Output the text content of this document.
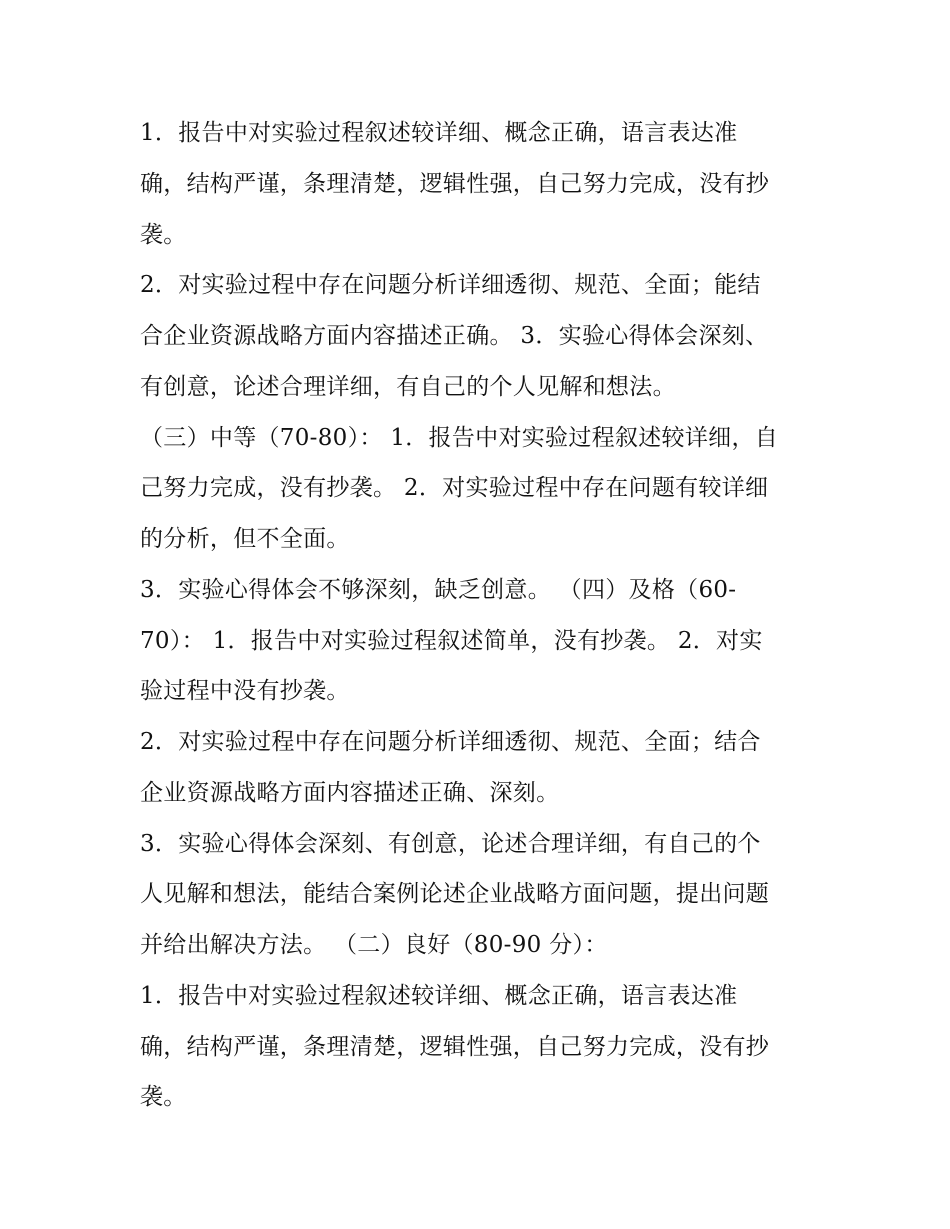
1．报告中对实验过程叙述较详细、概念正确，语言表达准
确，结构严谨，条理清楚，逻辑性强，自己努力完成，没有抄
袭。
2．对实验过程中存在问题分析详细透彻、规范、全面；能结
合企业资源战略方面内容描述正确。 3．实验心得体会深刻、
有创意，论述合理详细，有自己的个人见解和想法。
（三）中等（70-80）： 1．报告中对实验过程叙述较详细，自
己努力完成，没有抄袭。 2．对实验过程中存在问题有较详细
的分析，但不全面。
3．实验心得体会不够深刻，缺乏创意。 （四）及格（60-
70）： 1．报告中对实验过程叙述简单，没有抄袭。 2．对实
验过程中没有抄袭。
2．对实验过程中存在问题分析详细透彻、规范、全面；结合
企业资源战略方面内容描述正确、深刻。
3．实验心得体会深刻、有创意，论述合理详细，有自己的个
人见解和想法，能结合案例论述企业战略方面问题，提出问题
并给出解决方法。 （二）良好（80-90 分）：
1．报告中对实验过程叙述较详细、概念正确，语言表达准
确，结构严谨，条理清楚，逻辑性强，自己努力完成，没有抄
袭。
